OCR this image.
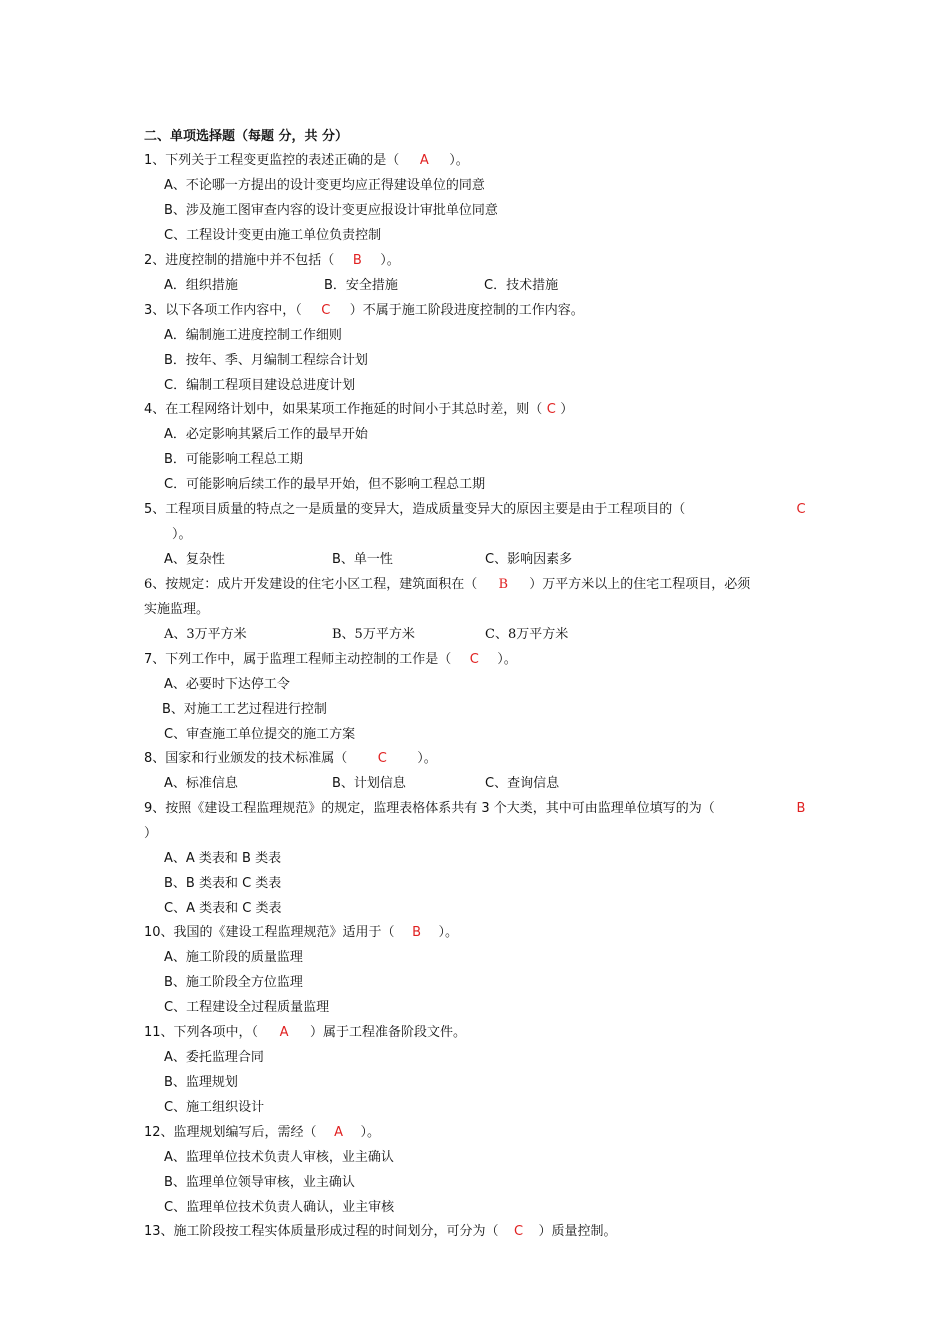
二、单项选择题（每题 分，共 分）
1、下列关于工程变更监控的表述正确的是（ A ）。
A、不论哪一方提出的设计变更均应正得建设单位的同意
B、涉及施工图审查内容的设计变更应报设计审批单位同意
C、工程设计变更由施工单位负责控制
2、进度控制的措施中并不包括（ B ）。
A．组织措施	B．安全措施	C．技术措施
3、以下各项工作内容中，（ C ）不属于施工阶段进度控制的工作内容。
A．编制施工进度控制工作细则
B．按年、季、月编制工程综合计划
C．编制工程项目建设总进度计划
4、在工程网络计划中，如果某项工作拖延的时间小于其总时差，则（ C ）
A．必定影响其紧后工作的最早开始
B．可能影响工程总工期
C．可能影响后续工作的最早开始，但不影响工程总工期
5、工程项目质量的特点之一是质量的变异大，造成质量变异大的原因主要是由于工程项目的（	C
）。
A、复杂性	B、单一性	C、影响因素多
6、按规定：成片开发建设的住宅小区工程，建筑面积在（ B ）万平方米以上的住宅工程项目，必须
实施监理。
A、3万平方米	B、5万平方米	C、8万平方米
7、下列工作中，属于监理工程师主动控制的工作是（ C ）。
A、必要时下达停工令
B、对施工工艺过程进行控制
C、审查施工单位提交的施工方案
8、国家和行业颁发的技术标准属（ C ）。
A、标准信息	B、计划信息	C、查询信息
9、按照《建设工程监理规范》的规定，监理表格体系共有 3 个大类，其中可由监理单位填写的为（	B
）
A、A 类表和 B 类表
B、B 类表和 C 类表
C、A 类表和 C 类表
10、我国的《建设工程监理规范》适用于（ B ）。
A、施工阶段的质量监理
B、施工阶段全方位监理
C、工程建设全过程质量监理
11、下列各项中，（ A ）属于工程准备阶段文件。
A、委托监理合同
B、监理规划
C、施工组织设计
12、监理规划编写后，需经（ A ）。
A、监理单位技术负责人审核，业主确认
B、监理单位领导审核，业主确认
C、监理单位技术负责人确认，业主审核
13、施工阶段按工程实体质量形成过程的时间划分，可分为（ C ）质量控制。
